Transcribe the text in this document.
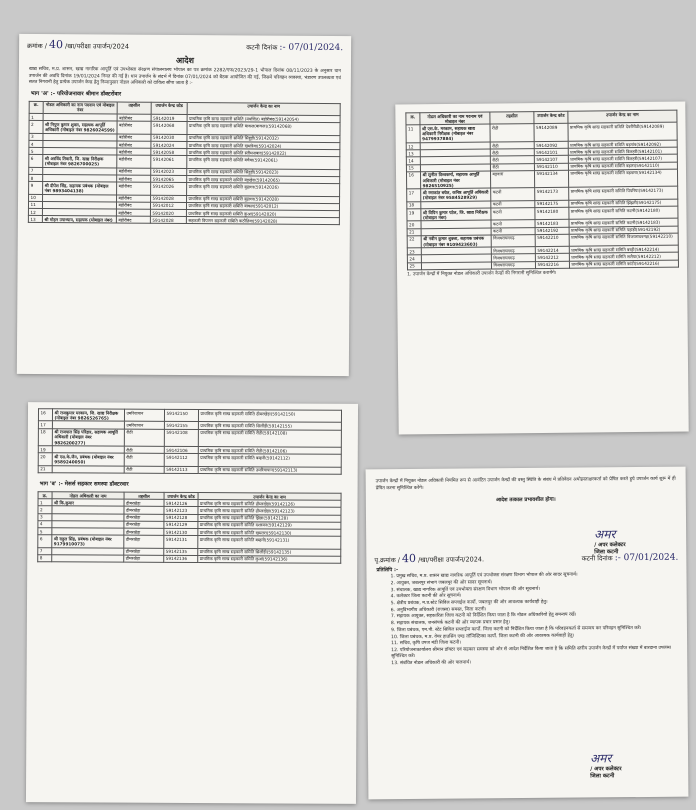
क्रमांक / 40 /खा/परीक्षा उपार्जन/2024	कटनी दिनांक :- 07/01/2024.
आदेश
खाद्य सचिव, म.प्र. शासन, खाद्य नागरिक आपूर्ति एवं उपभोक्ता संरक्षण संचालनालय भोपाल का पत्र क्रमांक 2282/एफ/2023/29-1 भोपाल दिनांक 08/11/2023 के अनुसार धान उपार्जन की अवधि दिनांक 19/01/2024 नियत की गई है। धान उपार्जन के संदर्भ में दिनांक 07/01/2024 को बैठक आयोजित की गई, जिसमें परिवहन व्यवस्था, भंडारण उपलब्धता एवं सतत निगरानी हेतु प्रत्येक उपार्जन केन्द्र हेतु निम्नानुसार नोडल अधिकारी को दायित्व सौंपा जाता है :-
भाग 'अ' :- परियोजनावार श्रीमान डॉक्टरोंवार
क्र.	नोडल अधिकारी का नाम पदनाम एवं मोबाइल नंबर	तहसील	उपार्जन केन्द्र कोड	उपार्जन केन्द्र का नाम
1		बहोरीबंद	59142019	प्राथमिक कृषि साख सहकारी समिति (मर्यादित) बहोरीबंद(59142054)
2	श्री निपुण कुमार शुक्ल, सहायक आपूर्ति अधिकारी (मोबाइल नंबर 9826024599)	बहोरीबंद	59142068	प्राथमिक कृषि साख सहकारी समिति बाकल(बाकल)(59142068)
3		बहोरीबंद	59142030	प्राथमिक कृषि साख सहकारी समिति सिहुड़ी(59142032)
4		बहोरीबंद	59142024	प्राथमिक कृषि साख सहकारी समिति खमरिया(59142024)
5		बहोरीबंद	59142058	प्राथमिक कृषि साख सहकारी समिति स्लीमनाबाद(59142022)
6	श्री अरविंद तिवारी, जि. खाद्य निरीक्षक (मोबाइल नंबर 9826700025)	बहोरीबंद	59142061	प्राथमिक कृषि साख सहकारी समिति बचैया(59142061)
7		बहोरीबंद	59142023	प्राथमिक कृषि साख सहकारी समिति सिहुड़ी(59142023)
8		बहोरीबंद	59142065	प्राथमिक कृषि साख सहकारी समिति बड़खेरा(59142065)
9	श्री दीपेश सिंह, सहायक प्रबंधक (मोबाइल नंबर 9893404138)	बहोरीबंद	59142026	प्राथमिक कृषि साख सहकारी समिति बुढ़ागर(59142026)
10		बहोरीबंद	59142028	प्राथमिक कृषि साख सहकारी समिति बुढ़ागर(59142028)
11		बहोरीबंद	59142012	प्राथमिक कृषि साख सहकारी समिति बाकल(59142012)
12		बहोरीबंद	59142020	प्राथमिक कृषि साख सहकारी समिति कुआं(59142020)
13	श्री मोहन उपाध्याय, सहायक (मोबाइल नंबर)	बहोरीबंद	59142028	सहकारी विपणन सहकारी समिति कठौतिया(59142028)
क्र.	नोडल अधिकारी का नाम पदनाम एवं मोबाइल नंबर	तहसील	उपार्जन केन्द्र कोड	उपार्जन केन्द्र का नाम
11	श्री एस.के. मरकाम, सहायक खाद्य अधिकारी निरीक्षक (मोबाइल नंबर 9479937884)	रीठी	59142089	प्राथमिक कृषि साख सहकारी समिति देवरीरीठी(59142089)
12		रीठी	59142092	प्राथमिक कृषि साख सहकारी समिति बड़गांव(59142092)
13		रीठी	59142101	प्राथमिक कृषि साख सहकारी समिति बिलहरी(59142101)
14		रीठी	59142107	प्राथमिक कृषि साख सहकारी समिति बिलहरी(59142107)
15		रीठी	59142110	प्राथमिक कृषि साख सहकारी समिति बड़ारा(59142110)
16	श्री सुनील विश्वकर्मा, सहायक आपूर्ति अधिकारी (मोबाइल नंबर 9826510925)	बड़वारा	59142134	प्राथमिक कृषि साख सहकारी समिति बड़वारा(59142134)
17	श्री रमाकांत बघेल, कनिष्ठ आपूर्ति अधिकारी (मोबाइल नंबर 9584528929)	कटनी	59142173	प्राथमिक कृषि साख सहकारी समिति पिपरिया(59142173)
18		कटनी	59142175	प्राथमिक कृषि साख सहकारी समिति झिंझरी(59142175)
19	श्री विपिन कुमार पटेल, जि. खाद्य निरीक्षक (मोबाइल नंबर)	कटनी	59142180	प्राथमिक कृषि साख सहकारी समिति कटनी(59142180)
20		कटनी	59142183	प्राथमिक कृषि साख सहकारी समिति कटनी(59142183)
21		कटनी	59142192	प्राथमिक कृषि साख सहकारी समिति पहाड़ी(59142192)
22	श्री नवीन कुमार शुक्ला, सहायक प्रबंधक (मोबाइल नंबर 9109423603)	विजयराघवगढ़	59142210	प्राथमिक कृषि साख सहकारी समिति विजयराघवगढ़(59142210)
23		विजयराघवगढ़	59142214	प्राथमिक कृषि साख सहकारी समिति बरही(59142214)
24		विजयराघवगढ़	59142212	प्राथमिक कृषि साख सहकारी समिति सलैया(59142212)
25		विजयराघवगढ़	59142216	प्राथमिक कृषि साख सहकारी समिति कांटी(59142216)
1. उपार्जन केन्द्रों में नियुक्त नोडल अधिकारी उपार्जन केन्द्रों की निगरानी सुनिश्चित करायेंगे।
16	श्री राजकुमार मरकाम, जि. खाद्य निरीक्षक (मोबाइल नंबर 9826526765)	उमरियापान	59142150	प्राथमिक कृषि साख सहकारी समिति ढीमरखेड़ा(59142150)
17		उमरियापान	59142155	प्राथमिक कृषि साख सहकारी समिति सिलौंड़ी(59142155)
18	श्री राजपाल सिंह परिहार, सहायक आपूर्ति अधिकारी (मोबाइल नंबर 9826200277)	रीठी	59142108	प्राथमिक कृषि साख सहकारी समिति रीठी(59142108)
19		रीठी	59142106	प्राथमिक कृषि साख सहकारी समिति रीठी(59142106)
20	श्री एस.के.जैन, प्रबंधक (मोबाइल नंबर 9589240050)	रीठी	59142112	प्राथमिक कृषि साख सहकारी समिति बम्हनी(59142112)
21		रीठी	59142113	प्राथमिक कृषि साख सहकारी समिति उमरियापान(59142113)
भाग 'ब' :- मेसर्स सहकार समस्या डॉक्टरवार
क्र.	नोडल अधिकारी का नाम	तहसील	उपार्जन केन्द्र कोड	उपार्जन केन्द्र का नाम
1	श्री कि.कुमार	ढीमरखेड़ा	59142126	प्राथमिक कृषि साख सहकारी समिति ढीमरखेड़ा(59142126)
2		ढीमरखेड़ा	59142123	प्राथमिक कृषि साख सहकारी समिति ढीमरखेड़ा(59142123)
3		ढीमरखेड़ा	59142128	प्राथमिक कृषि साख सहकारी समिति झिन्ना(59142128)
4		ढीमरखेड़ा	59142129	प्राथमिक कृषि साख सहकारी समिति दशरमन(59142129)
5		ढीमरखेड़ा	59142130	प्राथमिक कृषि साख सहकारी समिति खमतरा(59142130)
6	श्री राहुल सिंह, प्रबंधक (मोबाइल नंबर 9179910073)	ढीमरखेड़ा	59142131	प्राथमिक कृषि साख सहकारी समिति बम्हनी(59142131)
7		ढीमरखेड़ा	59142135	प्राथमिक कृषि साख सहकारी समिति सिलौंड़ी(59142135)
8		ढीमरखेड़ा	59142136	प्राथमिक कृषि साख सहकारी समिति कुआं(59142136)
उपार्जन केन्द्रों में नियुक्त नोडल अधिकारी नियमित रूप से आवंटित उपार्जन केन्द्रों की वस्तु स्थिति के संबंध में प्रतिवेदन अधोहस्ताक्षरकर्ता को प्रेषित करते हुये उपार्जन कार्य शुरू में ही प्रेषित करना सुनिश्चित करेंगे।
आदेश तत्काल प्रभावशील होगा।
अमर
/ अपर कलेक्टर
जिला कटनी
पृ.क्रमांक / 40 /खा/परीक्षा उपार्जन/2024.	कटनी दिनांक :- 07/01/2024.
प्रतिलिपि :-
1. प्रमुख सचिव, म.प्र. शासन खाद्य नागरिक आपूर्ति एवं उपभोक्ता संरक्षण विभाग भोपाल की ओर सादर सूचनार्थ।
2. आयुक्त, जबलपुर संभाग जबलपुर की ओर सादर सूचनार्थ।
3. संचालक, खाद्य नागरिक आपूर्ति एवं उपभोक्ता संरक्षण विभाग भोपाल की ओर सूचनार्थ।
4. कलेक्टर जिला कटनी की ओर सूचनार्थ।
5. क्षेत्रीय प्रबंधक, म.प्र.स्टेट सिविल सप्लाईज कार्पो. जबलपुर की ओर आवश्यक कार्यवाही हेतु।
6. अनुविभागीय अधिकारी (राजस्व) समस्त, जिला कटनी।
7. सहायक आयुक्त, सहकारिता जिला कटनी को निर्देशित किया जाता है कि नोडल अधिकारियों हेतु समन्वय रखें।
8. सहायक संचालक, जनसंपर्क कटनी की ओर व्यापक प्रचार प्रसार हेतु।
9. जिला प्रबंधक, एम.पी. स्टेट सिविल सप्लाईज कार्पो. जिला कटनी को निर्देशित किया जाता है कि परिवहनकर्ता से समन्वय कर परिवहन सुनिश्चित करें।
10. जिला प्रबंधक, म.प्र. वेयर हाउसिंग एण्ड लॉजिस्टिक्स कार्पो. जिला कटनी की ओर आवश्यक कार्यवाही हेतु।
11. सचिव, कृषि उपज मंडी जिला कटनी।
12. परियोजनाकार्यालय श्रीमान डॉक्टर एवं सहकार समस्या को ओर से आदेश निर्देशित किया जाता है कि समिति स्तरीय उपार्जन केन्द्रों में पर्याप्त संख्या में बारदाना उपलब्ध सुनिश्चित करें।
13. संबंधित नोडल अधिकारी की ओर पालनार्थ।
अमर
/ अपर कलेक्टर
जिला कटनी
